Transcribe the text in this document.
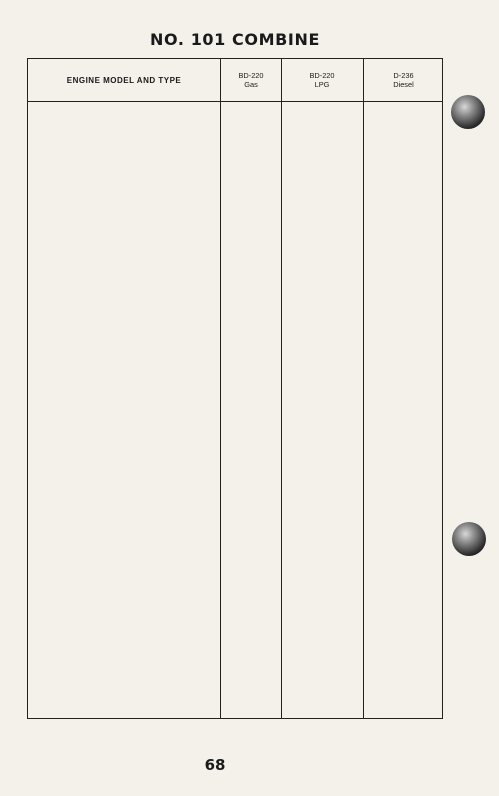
NO. 101 COMBINE
ENGINE MODEL AND TYPE	BD-220
Gas
BD-220
LPG
D-236
Diesel
68
